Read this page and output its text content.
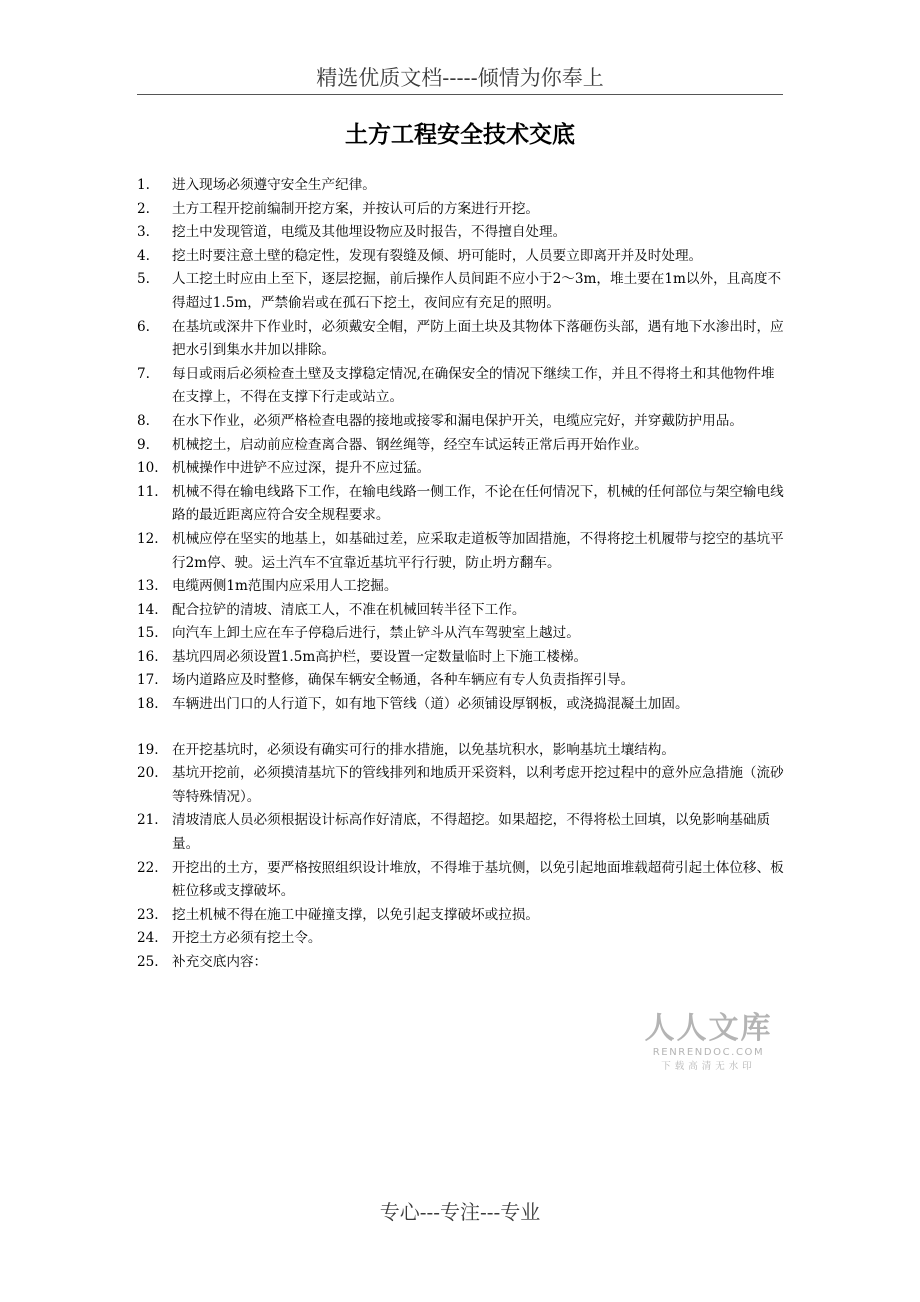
精选优质文档-----倾情为你奉上
土方工程安全技术交底
1. 进入现场必须遵守安全生产纪律。
2. 土方工程开挖前编制开挖方案，并按认可后的方案进行开挖。
3. 挖土中发现管道，电缆及其他埋设物应及时报告，不得擅自处理。
4. 挖土时要注意土壁的稳定性，发现有裂缝及倾、坍可能时，人员要立即离开并及时处理。
5. 人工挖土时应由上至下，逐层挖掘，前后操作人员间距不应小于2～3m，堆土要在1m以外，且高度不得超过1.5m，严禁偷岩或在孤石下挖土，夜间应有充足的照明。
6. 在基坑或深井下作业时，必须戴安全帽，严防上面土块及其物体下落砸伤头部，遇有地下水渗出时，应把水引到集水井加以排除。
7. 每日或雨后必须检查土壁及支撑稳定情况,在确保安全的情况下继续工作，并且不得将土和其他物件堆在支撑上，不得在支撑下行走或站立。
8. 在水下作业，必须严格检查电器的接地或接零和漏电保护开关，电缆应完好，并穿戴防护用品。
9. 机械挖土，启动前应检查离合器、钢丝绳等，经空车试运转正常后再开始作业。
10. 机械操作中进铲不应过深，提升不应过猛。
11. 机械不得在输电线路下工作，在输电线路一侧工作，不论在任何情况下，机械的任何部位与架空输电线路的最近距离应符合安全规程要求。
12. 机械应停在坚实的地基上，如基础过差，应采取走道板等加固措施，不得将挖土机履带与挖空的基坑平行2m停、驶。运土汽车不宜靠近基坑平行行驶，防止坍方翻车。
13. 电缆两侧1m范围内应采用人工挖掘。
14. 配合拉铲的清坡、清底工人，不准在机械回转半径下工作。
15. 向汽车上卸土应在车子停稳后进行，禁止铲斗从汽车驾驶室上越过。
16. 基坑四周必须设置1.5m高护栏，要设置一定数量临时上下施工楼梯。
17. 场内道路应及时整修，确保车辆安全畅通，各种车辆应有专人负责指挥引导。
18. 车辆进出门口的人行道下，如有地下管线（道）必须铺设厚钢板，或浇捣混凝土加固。
19. 在开挖基坑时，必须设有确实可行的排水措施，以免基坑积水，影响基坑土壤结构。
20. 基坑开挖前，必须摸清基坑下的管线排列和地质开采资料，以利考虑开挖过程中的意外应急措施（流砂等特殊情况）。
21. 清坡清底人员必须根据设计标高作好清底，不得超挖。如果超挖，不得将松土回填，以免影响基础质量。
22. 开挖出的土方，要严格按照组织设计堆放，不得堆于基坑侧，以免引起地面堆载超荷引起土体位移、板桩位移或支撑破坏。
23. 挖土机械不得在施工中碰撞支撑，以免引起支撑破坏或拉损。
24. 开挖土方必须有挖土令。
25. 补充交底内容：
人人文库
RENRENDOC.COM
下载高清无水印
专心---专注---专业
